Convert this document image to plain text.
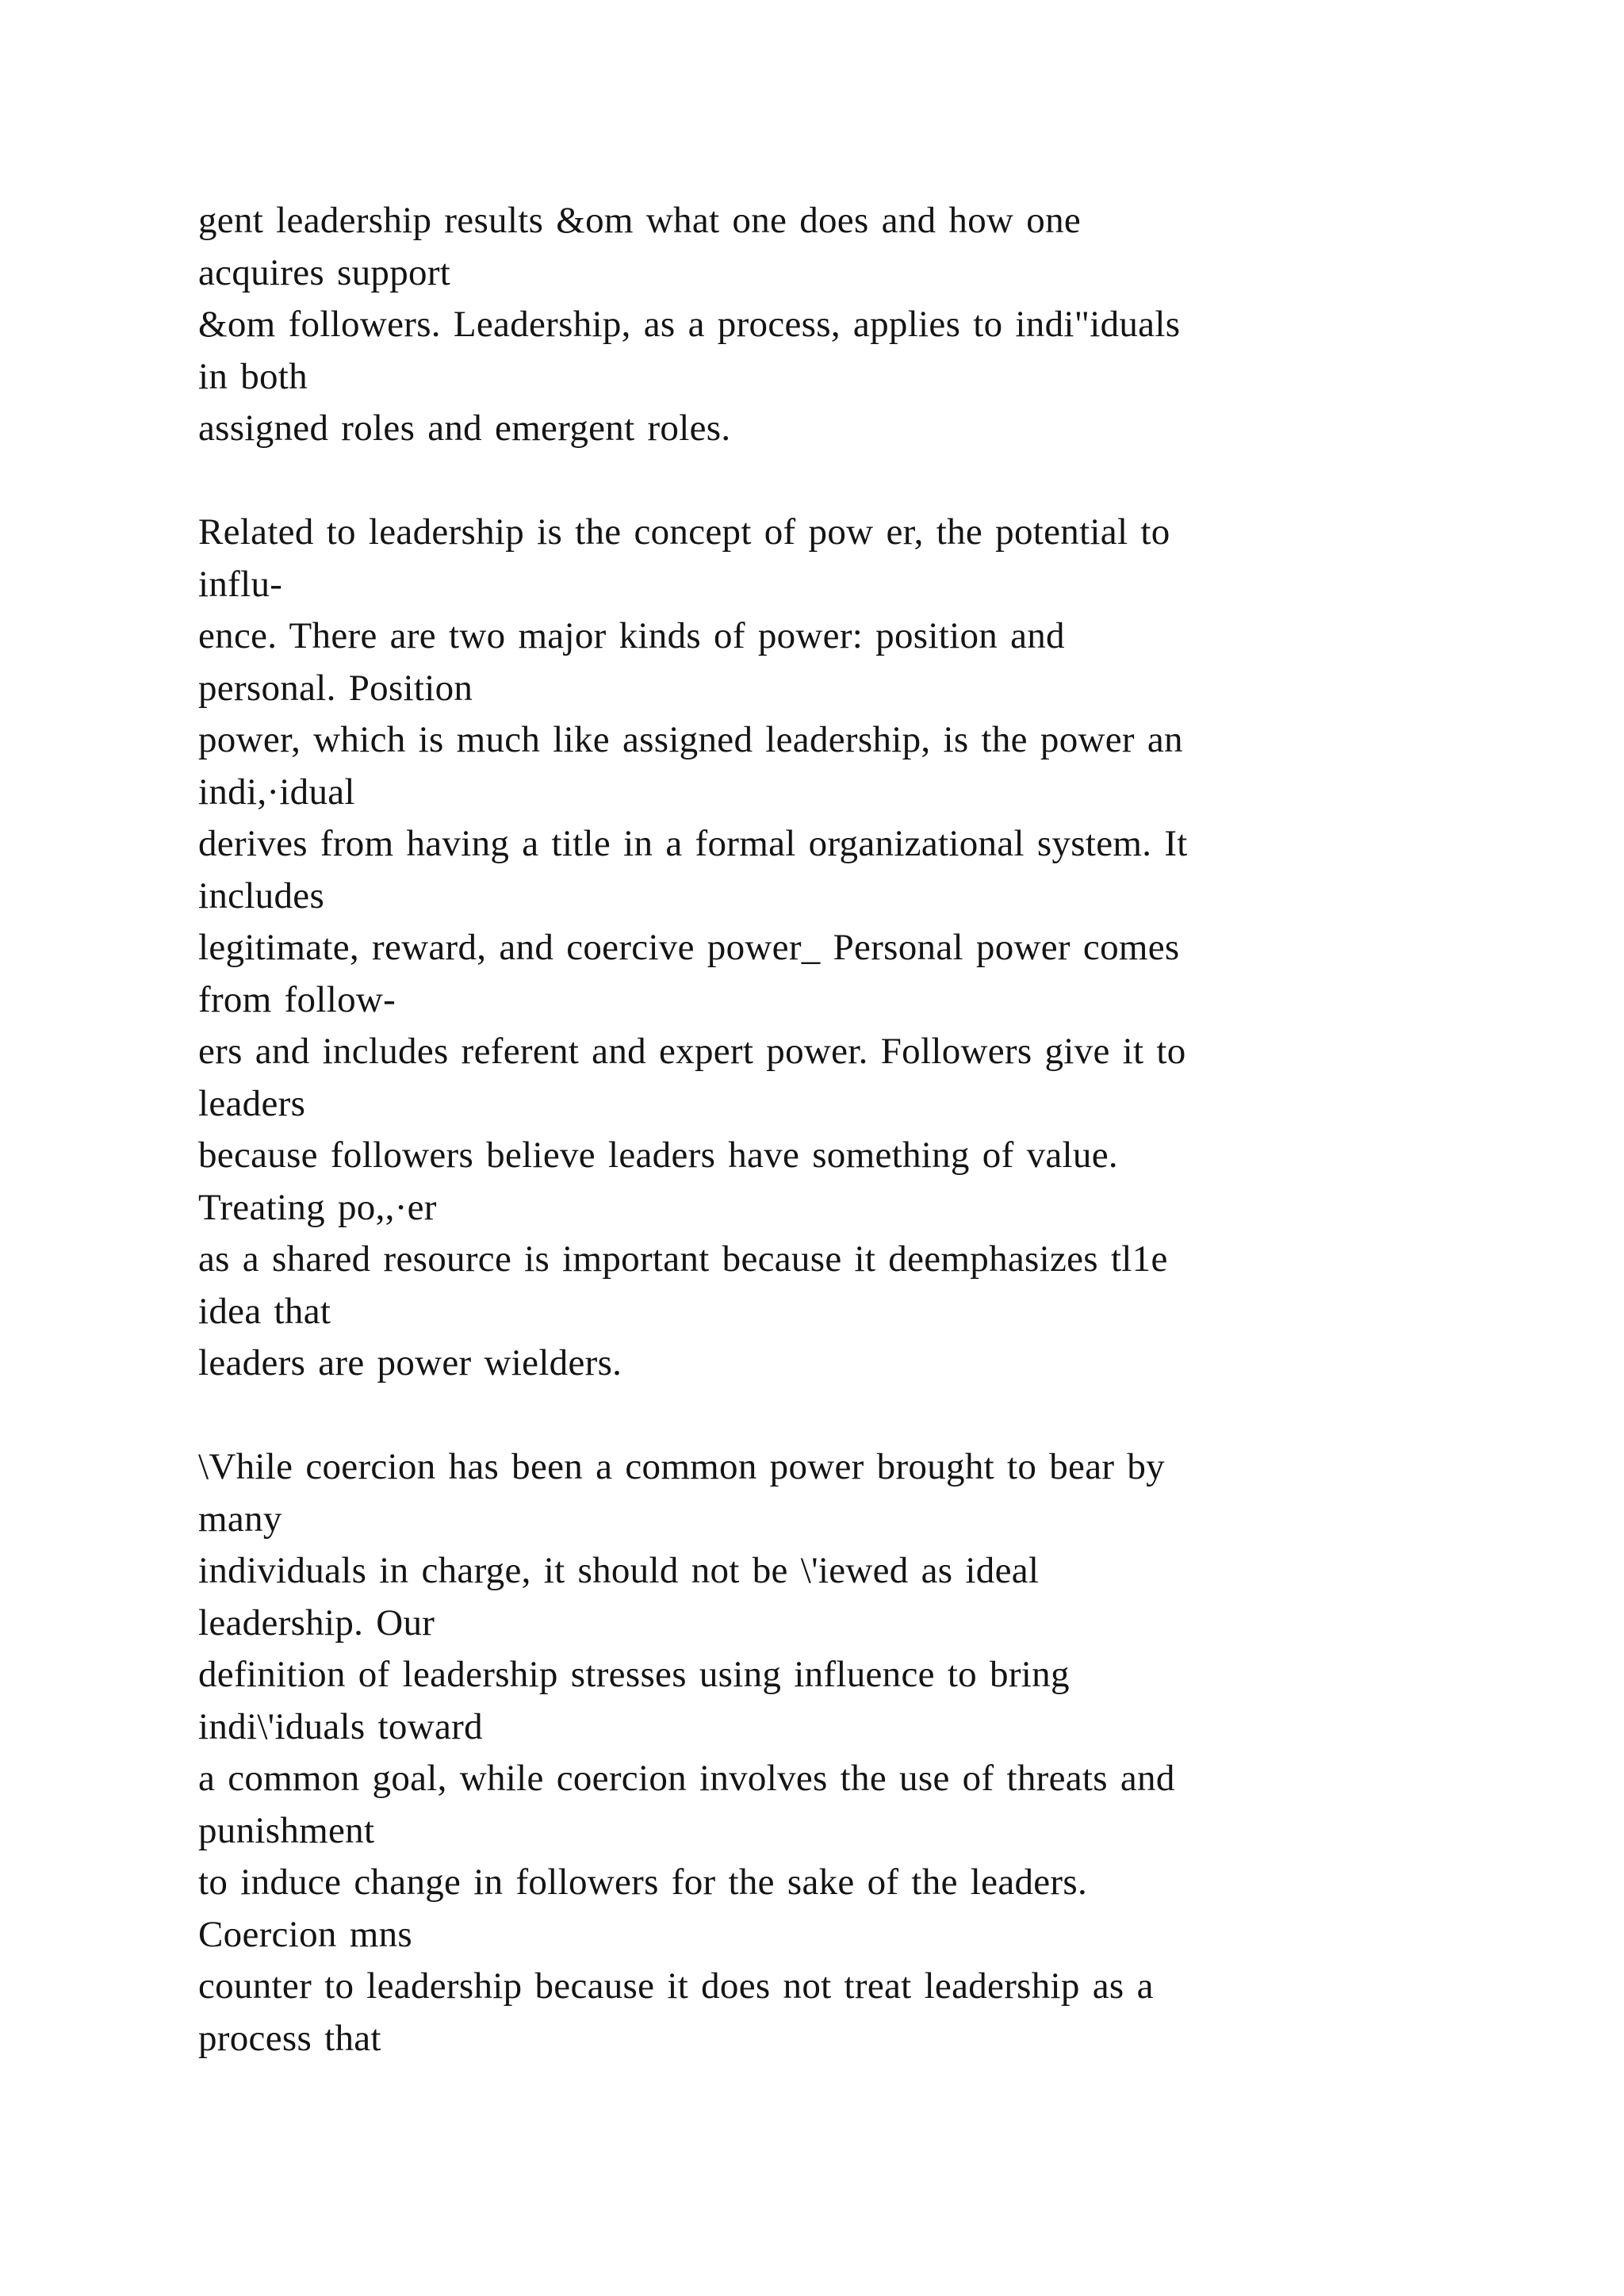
gent leadership results &om what one does and how one
acquires support
&om followers. Leadership, as a process, applies to indi"iduals
in both
assigned roles and emergent roles.
Related to leadership is the concept of pow er, the potential to
influ-
ence. There are two major kinds of power: position and
personal. Position
power, which is much like assigned leadership, is the power an
indi,·idual
derives from having a title in a formal organizational system. It
includes
legitimate, reward, and coercive power_ Personal power comes
from follow-
ers and includes referent and expert power. Followers give it to
leaders
because followers believe leaders have something of value.
Treating po,,·er
as a shared resource is important because it deemphasizes tl1e
idea that
leaders are power wielders.
\Vhile coercion has been a common power brought to bear by
many
individuals in charge, it should not be \'iewed as ideal
leadership. Our
definition of leadership stresses using influence to bring
indi\'iduals toward
a common goal, while coercion involves the use of threats and
punishment
to induce change in followers for the sake of the leaders.
Coercion mns
counter to leadership because it does not treat leadership as a
process that
